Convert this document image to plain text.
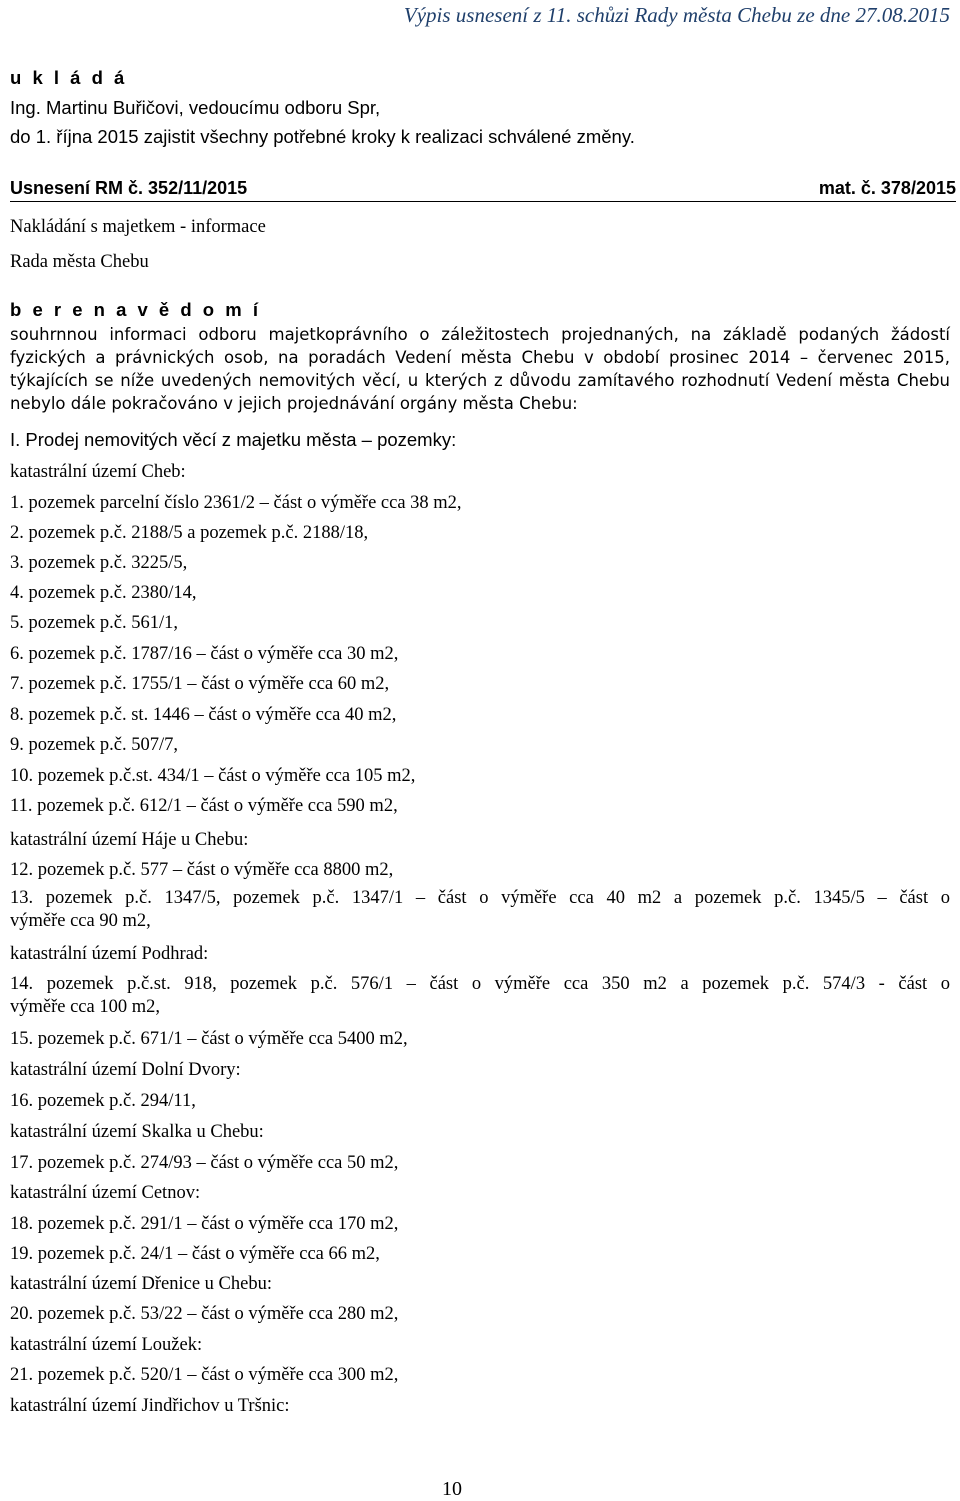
Výpis usnesení z 11. schůzi Rady města Chebu ze dne 27.08.2015
u k l á d á
Ing. Martinu Buřičovi, vedoucímu odboru Spr,
do 1. října 2015 zajistit všechny potřebné kroky k realizaci schválené změny.
Usnesení RM č. 352/11/2015	mat. č. 378/2015
Nakládání s majetkem - informace
Rada města Chebu
b e r e n a v ě d o m í
souhrnnou informaci odboru majetkoprávního o záležitostech projednaných, na základě podaných žádostí fyzických a právnických osob, na poradách Vedení města Chebu v období prosinec 2014 – červenec 2015, týkajících se níže uvedených nemovitých věcí, u kterých z důvodu zamítavého rozhodnutí Vedení města Chebu nebylo dále pokračováno v jejich projednávání orgány města Chebu:
I. Prodej nemovitých věcí z majetku města – pozemky:
katastrální území Cheb:
1. pozemek parcelní číslo 2361/2 – část o výměře cca 38 m2,
2. pozemek p.č. 2188/5 a pozemek p.č. 2188/18,
3. pozemek p.č. 3225/5,
4. pozemek p.č. 2380/14,
5. pozemek p.č. 561/1,
6. pozemek p.č. 1787/16 – část o výměře cca 30 m2,
7. pozemek p.č. 1755/1 – část o výměře cca 60 m2,
8. pozemek p.č. st. 1446 – část o výměře cca 40 m2,
9. pozemek p.č. 507/7,
10. pozemek p.č.st. 434/1 – část o výměře cca 105 m2,
11. pozemek p.č. 612/1 – část o výměře cca 590 m2,
katastrální území Háje u Chebu:
12. pozemek p.č. 577 – část o výměře cca 8800 m2,
13. pozemek p.č. 1347/5, pozemek p.č. 1347/1 – část o výměře cca 40 m2 a pozemek p.č. 1345/5 – část o
výměře cca 90 m2,
katastrální území Podhrad:
14. pozemek p.č.st. 918, pozemek p.č. 576/1 – část o výměře cca 350 m2 a pozemek p.č. 574/3 - část o
výměře cca 100 m2,
15. pozemek p.č. 671/1 – část o výměře cca 5400 m2,
katastrální území Dolní Dvory:
16. pozemek p.č. 294/11,
katastrální území Skalka u Chebu:
17. pozemek p.č. 274/93 – část o výměře cca 50 m2,
katastrální území Cetnov:
18. pozemek p.č. 291/1 – část o výměře cca 170 m2,
19. pozemek p.č. 24/1 – část o výměře cca 66 m2,
katastrální území Dřenice u Chebu:
20. pozemek p.č. 53/22 – část o výměře cca 280 m2,
katastrální území Loužek:
21. pozemek p.č. 520/1 – část o výměře cca 300 m2,
katastrální území Jindřichov u Tršnic:
10
